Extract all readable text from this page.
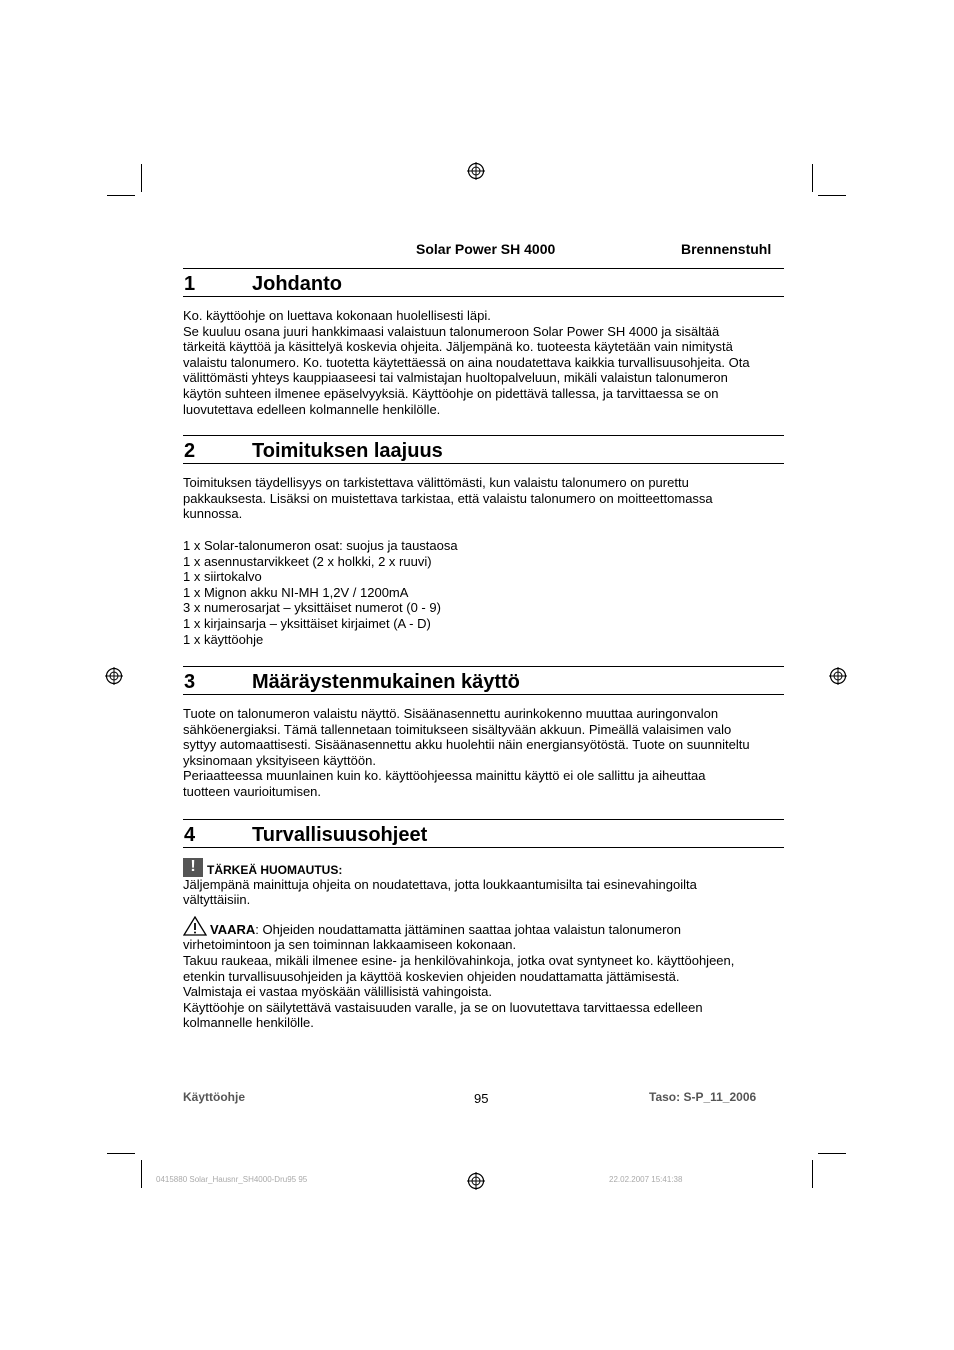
Solar Power SH 4000	Brennenstuhl
1	Johdanto
Ko. käyttöohje on luettava kokonaan huolellisesti läpi.
Se kuuluu osana juuri hankkimaasi valaistuun talonumeroon Solar Power SH 4000 ja sisältää
tärkeitä käyttöä ja käsittelyä koskevia ohjeita. Jäljempänä ko. tuoteesta käytetään vain nimitystä
valaistu talonumero. Ko. tuotetta käytettäessä on aina noudatettava kaikkia turvallisuusohjeita. Ota
välittömästi yhteys kauppiaaseesi tai valmistajan huoltopalveluun, mikäli valaistun talonumeron
käytön suhteen ilmenee epäselvyyksiä. Käyttöohje on pidettävä tallessa, ja tarvittaessa se on
luovutettava edelleen kolmannelle henkilölle.
2	Toimituksen laajuus
Toimituksen täydellisyys on tarkistettava välittömästi, kun valaistu talonumero on purettu
pakkauksesta. Lisäksi on muistettava tarkistaa, että valaistu talonumero on moitteettomassa
kunnossa.
1 x Solar-talonumeron osat: suojus ja taustaosa
1 x asennustarvikkeet (2 x holkki, 2 x ruuvi)
1 x siirtokalvo
1 x Mignon akku NI-MH 1,2V / 1200mA
3 x numerosarjat – yksittäiset numerot (0 - 9)
1 x kirjainsarja – yksittäiset kirjaimet (A - D)
1 x käyttöohje
3	Määräystenmukainen käyttö
Tuote on talonumeron valaistu näyttö. Sisäänasennettu aurinkokenno muuttaa auringonvalon
sähköenergiaksi. Tämä tallennetaan toimitukseen sisältyvään akkuun. Pimeällä valaisimen valo
syttyy automaattisesti. Sisäänasennettu akku huolehtii näin energiansyötöstä. Tuote on suunniteltu
yksinomaan yksityiseen käyttöön.
Periaatteessa muunlainen kuin ko. käyttöohjeessa mainittu käyttö ei ole sallittu ja aiheuttaa
tuotteen vaurioitumisen.
4	Turvallisuusohjeet
! TÄRKEÄ HUOMAUTUS:
Jäljempänä mainittuja ohjeita on noudatettava, jotta loukkaantumisilta tai esinevahingoilta
vältyttäisiin.
VAARA: Ohjeiden noudattamatta jättäminen saattaa johtaa valaistun talonumeron
virhetoimintoon ja sen toiminnan lakkaamiseen kokonaan.
Takuu raukeaa, mikäli ilmenee esine- ja henkilövahinkoja, jotka ovat syntyneet ko. käyttöohjeen,
etenkin turvallisuusohjeiden ja käyttöä koskevien ohjeiden noudattamatta jättämisestä.
Valmistaja ei vastaa myöskään välillisistä vahingoista.
Käyttöohje on säilytettävä vastaisuuden varalle, ja se on luovutettava tarvittaessa edelleen
kolmannelle henkilölle.
Käyttöohje	95	Taso: S-P_11_2006
0415880 Solar_Hausnr_SH4000-Dru95 95	22.02.2007 15:41:38
